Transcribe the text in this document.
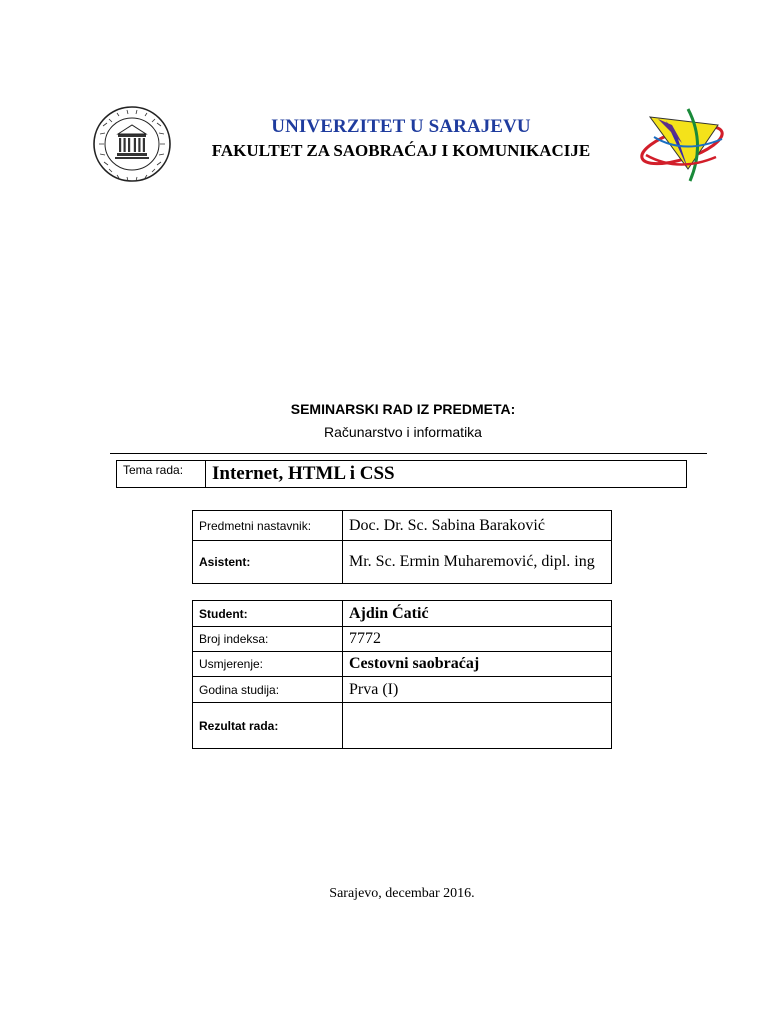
UNIVERZITET U SARAJEVU
FAKULTET ZA SAOBRAĆAJ I KOMUNIKACIJE
SEMINARSKI RAD IZ PREDMETA:
Računarstvo i informatika
Tema rada:	Internet, HTML i CSS
Predmetni nastavnik:	Doc. Dr. Sc. Sabina Baraković
Asistent:	Mr. Sc. Ermin Muharemović, dipl. ing
Student:	Ajdin Ćatić
Broj indeksa:	7772
Usmjerenje:	Cestovni saobraćaj
Godina studija:	Prva (I)
Rezultat rada:	
Sarajevo, decembar 2016.
